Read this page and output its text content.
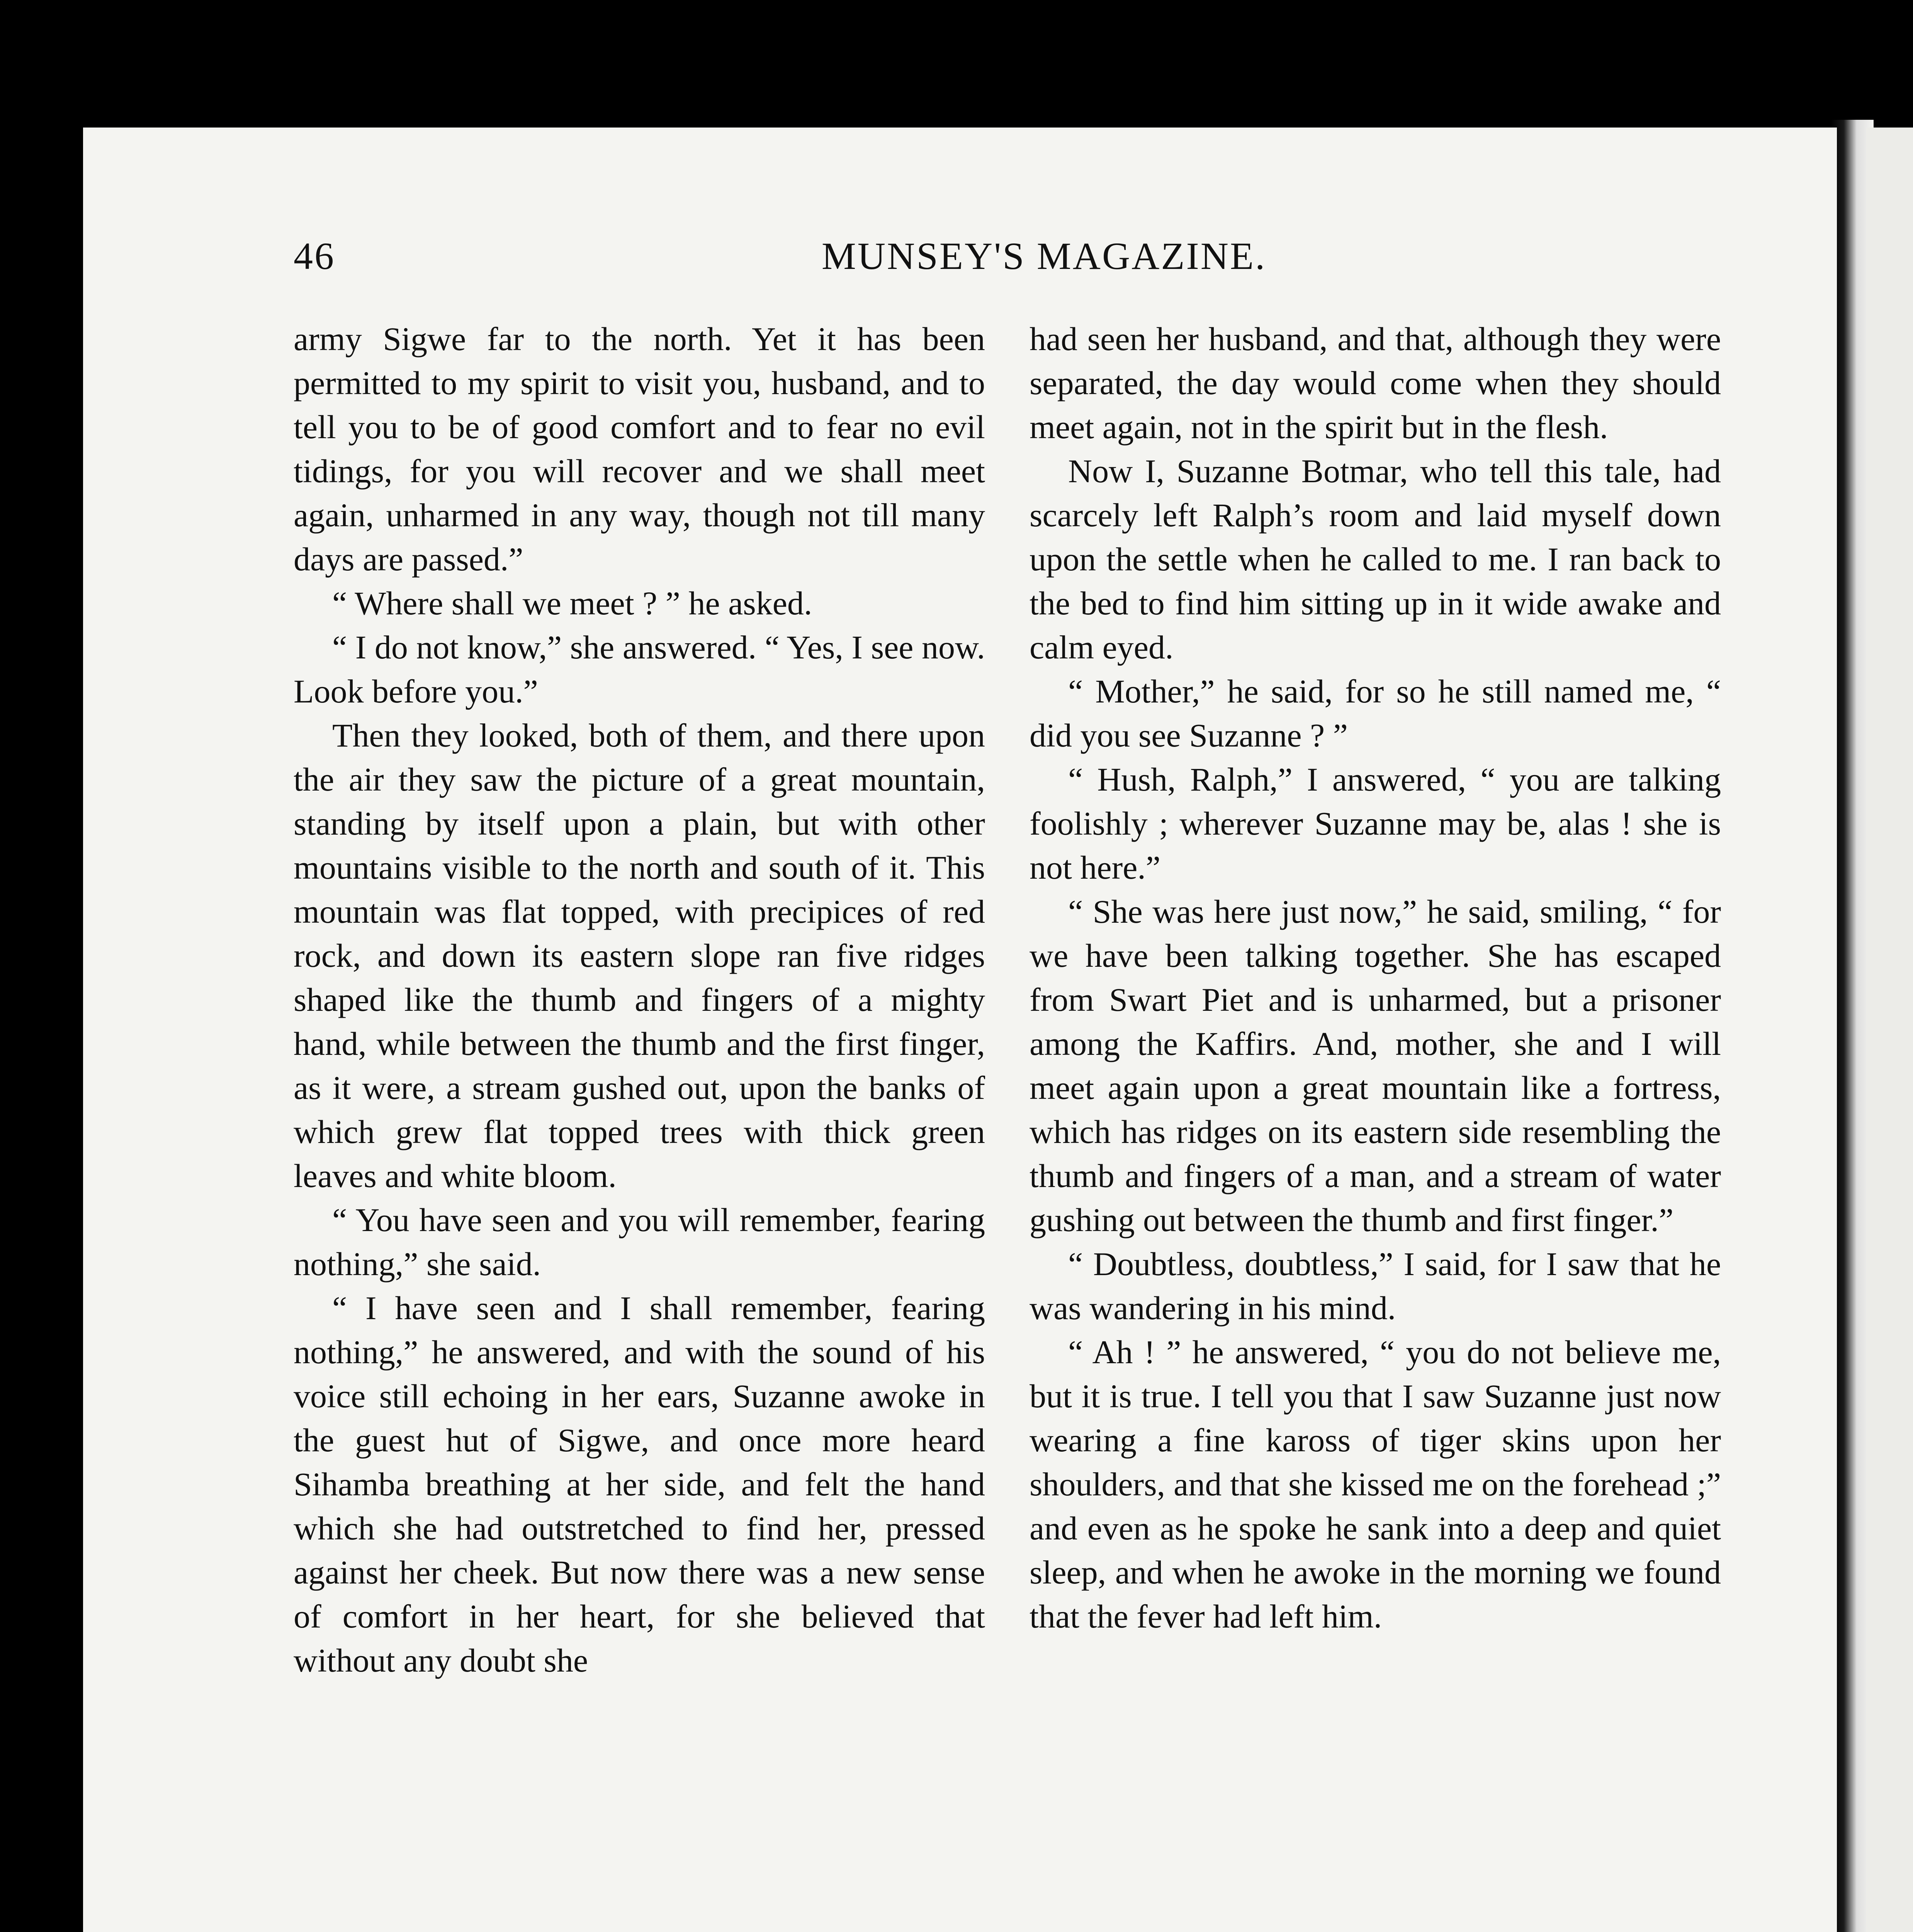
46	MUNSEY'S MAGAZINE.

army Sigwe far to the north. Yet it has been permitted to my spirit to visit you, husband, and to tell you to be of good comfort and to fear no evil tidings, for you will recover and we shall meet again, unharmed in any way, though not till many days are passed.”

“ Where shall we meet ? ” he asked.

“ I do not know,” she answered. “ Yes, I see now. Look before you.”

Then they looked, both of them, and there upon the air they saw the picture of a great mountain, standing by itself upon a plain, but with other mountains visible to the north and south of it. This mountain was flat topped, with precipices of red rock, and down its eastern slope ran five ridges shaped like the thumb and fingers of a mighty hand, while between the thumb and the first finger, as it were, a stream gushed out, upon the banks of which grew flat topped trees with thick green leaves and white bloom.

“ You have seen and you will remember, fearing nothing,” she said.

“ I have seen and I shall remember, fearing nothing,” he answered, and with the sound of his voice still echoing in her ears, Suzanne awoke in the guest hut of Sigwe, and once more heard Sihamba breathing at her side, and felt the hand which she had outstretched to find her, pressed against her cheek. But now there was a new sense of comfort in her heart, for she believed that without any doubt she

had seen her husband, and that, although they were separated, the day would come when they should meet again, not in the spirit but in the flesh.

Now I, Suzanne Botmar, who tell this tale, had scarcely left Ralph’s room and laid myself down upon the settle when he called to me. I ran back to the bed to find him sitting up in it wide awake and calm eyed.

“ Mother,” he said, for so he still named me, “ did you see Suzanne ? ”

“ Hush, Ralph,” I answered, “ you are talking foolishly ; wherever Suzanne may be, alas ! she is not here.”

“ She was here just now,” he said, smiling, “ for we have been talking together. She has escaped from Swart Piet and is unharmed, but a prisoner among the Kaffirs. And, mother, she and I will meet again upon a great mountain like a fortress, which has ridges on its eastern side resembling the thumb and fingers of a man, and a stream of water gushing out between the thumb and first finger.”

“ Doubtless, doubtless,” I said, for I saw that he was wandering in his mind.

“ Ah ! ” he answered, “ you do not believe me, but it is true. I tell you that I saw Suzanne just now wearing a fine kaross of tiger skins upon her shoulders, and that she kissed me on the forehead ;” and even as he spoke he sank into a deep and quiet sleep, and when he awoke in the morning we found that the fever had left him.
